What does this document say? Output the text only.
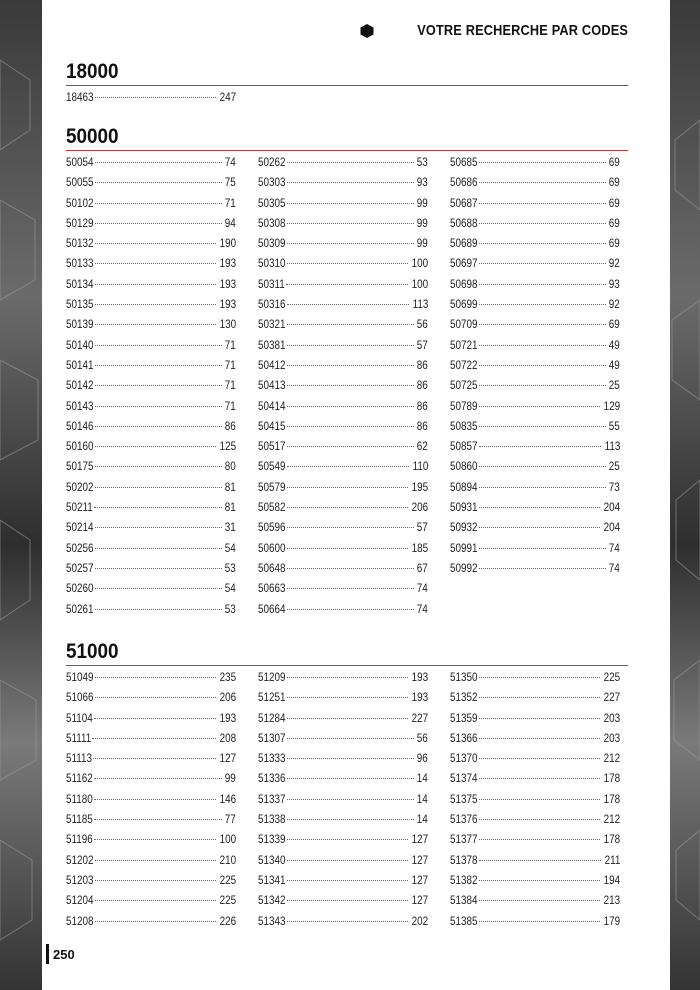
VOTRE RECHERCHE PAR CODES
18000
18463	247
50000
50054	74
50055	75
50102	71
50129	94
50132	190
50133	193
50134	193
50135	193
50139	130
50140	71
50141	71
50142	71
50143	71
50146	86
50160	125
50175	80
50202	81
50211	81
50214	31
50256	54
50257	53
50260	54
50261	53
50262	53
50303	93
50305	99
50308	99
50309	99
50310	100
50311	100
50316	113
50321	56
50381	57
50412	86
50413	86
50414	86
50415	86
50517	62
50549	110
50579	195
50582	206
50596	57
50600	185
50648	67
50663	74
50664	74
50685	69
50686	69
50687	69
50688	69
50689	69
50697	92
50698	93
50699	92
50709	69
50721	49
50722	49
50725	25
50789	129
50835	55
50857	113
50860	25
50894	73
50931	204
50932	204
50991	74
50992	74
51000
51049	235
51066	206
51104	193
51111	208
51113	127
51162	99
51180	146
51185	77
51196	100
51202	210
51203	225
51204	225
51208	226
51209	193
51251	193
51284	227
51307	56
51333	96
51336	14
51337	14
51338	14
51339	127
51340	127
51341	127
51342	127
51343	202
51350	225
51352	227
51359	203
51366	203
51370	212
51374	178
51375	178
51376	212
51377	178
51378	211
51382	194
51384	213
51385	179
250
